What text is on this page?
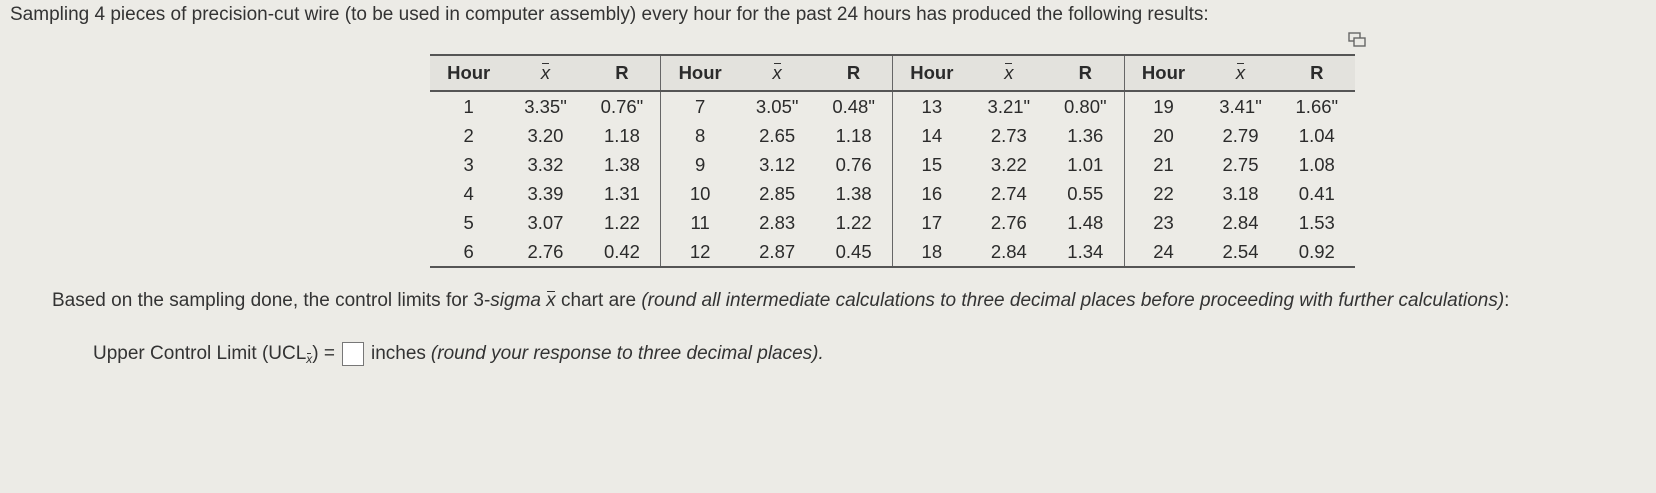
Sampling 4 pieces of precision-cut wire (to be used in computer assembly) every hour for the past 24 hours has produced the following results:
Hour	x	R	Hour	x	R	Hour	x	R	Hour	x	R
1	3.35"	0.76"	7	3.05"	0.48"	13	3.21"	0.80"	19	3.41"	1.66"
2	3.20	1.18	8	2.65	1.18	14	2.73	1.36	20	2.79	1.04
3	3.32	1.38	9	3.12	0.76	15	3.22	1.01	21	2.75	1.08
4	3.39	1.31	10	2.85	1.38	16	2.74	0.55	22	3.18	0.41
5	3.07	1.22	11	2.83	1.22	17	2.76	1.48	23	2.84	1.53
6	2.76	0.42	12	2.87	0.45	18	2.84	1.34	24	2.54	0.92
Based on the sampling done, the control limits for 3-sigma x chart are (round all intermediate calculations to three decimal places before proceeding with further calculations):
Upper Control Limit (UCL x ) = inches (round your response to three decimal places).
